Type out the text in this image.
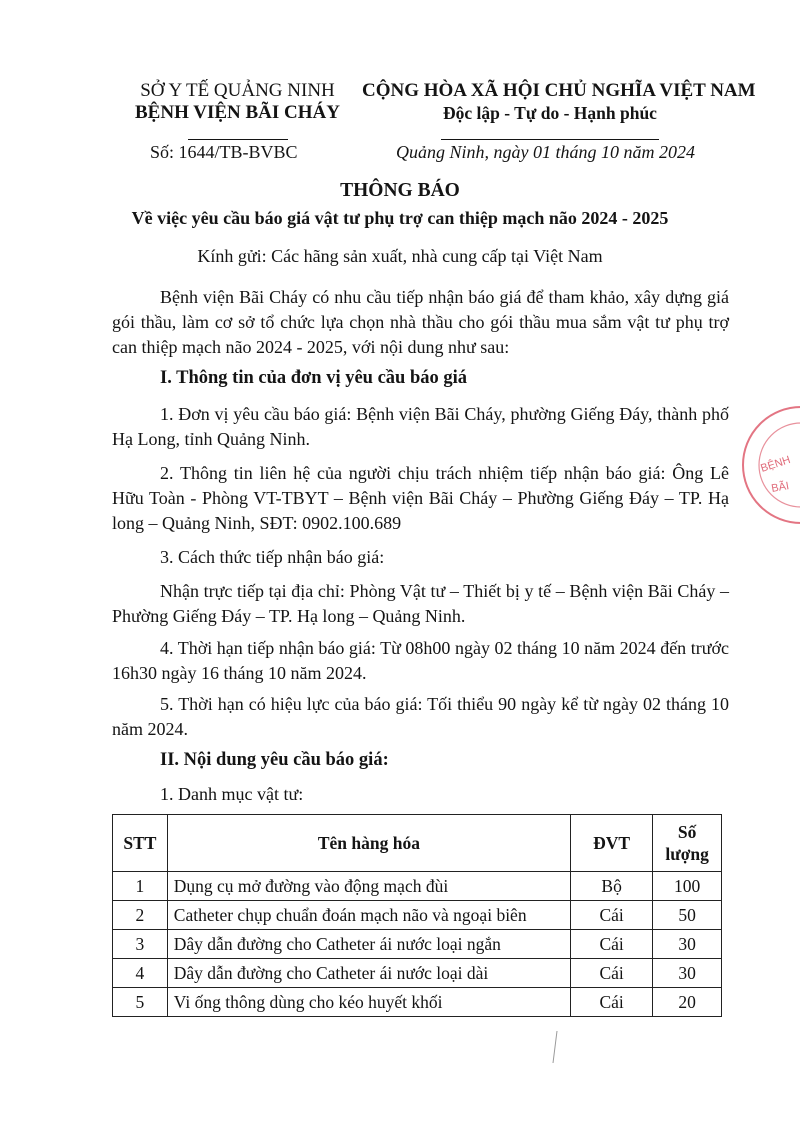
SỞ Y TẾ QUẢNG NINH
BỆNH VIỆN BÃI CHÁY
CỘNG HÒA XÃ HỘI CHỦ NGHĨA VIỆT NAM
Độc lập - Tự do - Hạnh phúc
Số: 1644/TB-BVBC	Quảng Ninh, ngày 01 tháng 10 năm 2024
THÔNG BÁO
Về việc yêu cầu báo giá vật tư phụ trợ can thiệp mạch não 2024 - 2025
Kính gửi: Các hãng sản xuất, nhà cung cấp tại Việt Nam
Bệnh viện Bãi Cháy có nhu cầu tiếp nhận báo giá để tham khảo, xây dựng giá gói thầu, làm cơ sở tổ chức lựa chọn nhà thầu cho gói thầu mua sắm vật tư phụ trợ can thiệp mạch não 2024 - 2025, với nội dung như sau:
I. Thông tin của đơn vị yêu cầu báo giá
1. Đơn vị yêu cầu báo giá: Bệnh viện Bãi Cháy, phường Giếng Đáy, thành phố Hạ Long, tỉnh Quảng Ninh.
2. Thông tin liên hệ của người chịu trách nhiệm tiếp nhận báo giá: Ông Lê Hữu Toàn - Phòng VT-TBYT – Bệnh viện Bãi Cháy – Phường Giếng Đáy – TP. Hạ long – Quảng Ninh, SĐT: 0902.100.689
3. Cách thức tiếp nhận báo giá:
Nhận trực tiếp tại địa chỉ: Phòng Vật tư – Thiết bị y tế – Bệnh viện Bãi Cháy – Phường Giếng Đáy – TP. Hạ long – Quảng Ninh.
4. Thời hạn tiếp nhận báo giá: Từ 08h00 ngày 02 tháng 10 năm 2024 đến trước 16h30 ngày 16 tháng 10 năm 2024.
5. Thời hạn có hiệu lực của báo giá: Tối thiểu 90 ngày kể từ ngày 02 tháng 10 năm 2024.
II. Nội dung yêu cầu báo giá:
1. Danh mục vật tư:
STT	Tên hàng hóa	ĐVT	Số lượng
1	Dụng cụ mở đường vào động mạch đùi	Bộ	100
2	Catheter chụp chuẩn đoán mạch não và ngoại biên	Cái	50
3	Dây dẫn đường cho Catheter ái nước loại ngắn	Cái	30
4	Dây dẫn đường cho Catheter ái nước loại dài	Cái	30
5	Vi ống thông dùng cho kéo huyết khối	Cái	20
BỆNH
BÃI
